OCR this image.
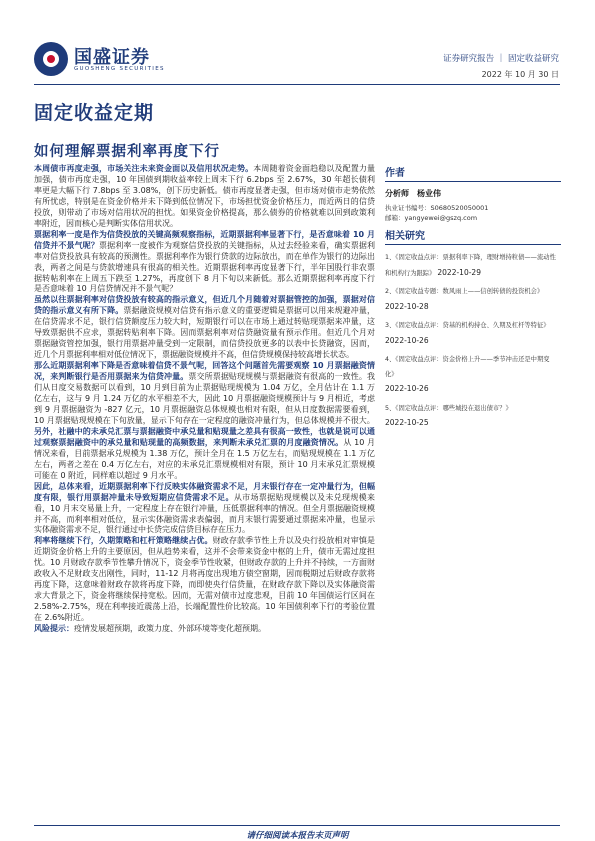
国盛证券
GUOSHENG SECURITIES
证券研究报告 ｜ 固定收益研究
2022 年 10 月 30 日
固定收益定期
如何理解票据利率再度下行

本周债市再度走强，市场关注未来资金面以及信用状况走势。本周随着资金面趋稳以及配置力量加强，债市再度走强，10 年国债到期收益率较上周末下行 6.2bps 至 2.67%，30 年超长债利率更是大幅下行 7.8bps 至 3.08%，创下历史新低。债市再度显著走强，但市场对债市走势依然有所忧虑，特别是在资金价格并未下降到低位情况下，市场担忧资金价格压力，而近两日的信贷投放，则带动了市场对信用状况的担忧。如果资金价格提高，那么债券的价格就难以回到政策利率附近，因而核心是判断实体信用状况。

票据利率一度是作为信贷投放的关键高频观察指标，近期票据利率显著下行，是否意味着 10 月信贷并不景气呢？票据利率一度被作为观察信贷投放的关键指标，从过去经验来看，确实票据利率对信贷投放具有较高的预测性。票据利率作为银行贷款的边际放出，而在单作为银行的边际出表，两者之间是与贷款增速具有很高的相关性。近期票据利率再度显著下行，半年国股行非农票据转帖利率在上周五下跌至 1.27%，再度创下 8 月下旬以来新低。那么近期票据利率再度下行是否意味着 10 月信贷情况并不景气呢？

虽然以往票据利率对信贷投放有较高的指示意义，但近几个月随着对票据管控的加强，票据对信贷的指示意义有所下降。票据融资规模对信贷有指示意义的重要逻辑是票据可以用来规避冲量，在信贷需求不足，银行信贷额度压力较大时，短期银行可以在市场上通过转贴现票据来冲量，这导致票据供不应求，票据转贴利率下降。因而票据利率对信贷融资量有预示作用。但近几个月对票据融资管控加强，银行用票据冲量受到一定限制，而信贷投放更多的以表中长贷融资，因而，近几个月票据利率相对低位情况下，票据融资规模并不高，但信贷规模保持较高增长状态。

那么近期票据利率下降是否意味着信贷不景气呢，回答这个问题首先需要观察 10 月票据融资情况，来判断银行是否用票据来为信贷冲量。票交所票据贴现规模与票据融资有很高的一致性。我们从日度交易数据可以看到，10 月到目前为止票据贴现规模为 1.04 万亿，全月估计在 1.1 万亿左右，这与 9 月 1.24 万亿的水平相差不大，因此 10 月票据融资规模预计与 9 月相近，考虑到 9 月票据融资为 -827 亿元，10 月票据融资总体规模也相对有限，但从日度数据需要看到，10 月票据贴现规模在下旬放量，显示下旬存在一定程度的融资冲量行为，但总体规模并不很大。

另外，社融中的未承兑汇票与票据融资中承兑量和贴现量之差具有很高一致性，也就是说可以通过观察票据融资中的承兑量和贴现量的高频数据，来判断未承兑汇票的月度融资情况。从 10 月情况来看，目前票据承兑规模为 1.38 万亿，预计全月在 1.5 万亿左右，而贴现规模在 1.1 万亿左右，两者之差在 0.4 万亿左右，对应的未承兑汇票规模相对有限，预计 10 月末承兑汇票规模可能在 0 附近，同样难以超过 9 月水平。

因此，总体来看，近期票据利率下行反映实体融资需求不足，月末银行存在一定冲量行为，但幅度有限，银行用票据冲量未导致短期应信贷需求不足。从市场票据贴现规模以及未兑现规模来看，10 月末交易量上升，一定程度上存在银行冲量，压低票据利率的情况。但全月票据融资规模并不高，而利率相对低位，显示实体融资需求表偏弱，而月末银行需要通过票据来冲量，也显示实体融资需求不足，银行通过中长贷完成信贷目标存在压力。

利率将继续下行，久期策略和杠杆策略继续占优。财政存款季节性上升以及央行投放相对审慎是近期资金价格上升的主要原因，但从趋势来看，这并不会带来资金中枢的上升，债市无需过度担忧。10 月财政存款季节性攀升情况下，资金季节性收紧，但财政存款的上升并不持续，一方面财政收入不足财政支出刚性，同时，11-12 月将再度出现地方债空窗期，因而税期过后财政存款将再度下降，这意味着财政存款将再度下降，而即使央行信贷量，在财政存款下降以及实体融资需求大背景之下，资金将继续保持宽松。因而，无需对债市过度悲观，目前 10 年国债运行区间在 2.58%-2.75%，现在利率接近震荡上沿，长端配置性价比较高。10 年国债利率下行的考验位置在 2.6%附近。

风险提示：疫情发展超预期，政策力度、外部环境等变化超预期。

作者
分析师　杨业伟
执业证书编号：S0680520050001
邮箱：yangyewei@gszq.com
相关研究
1、《固定收益点评：票据利率下降，理财增持粒债——流动性和机构行为跟踪》 2022-10-29
2、《固定收益专题：数风雨上——信创转债的投资机会》
2022-10-28
3、《固定收益点评：贷基的机构持仓、久期及杠杆等特征》
2022-10-26
4、《固定收益点评：资金价格上升——季节冲击还是中期变化》
2022-10-26
5、《固定收益点评：哪些城投在退出债市？》
2022-10-25
请仔细阅读本报告末页声明
